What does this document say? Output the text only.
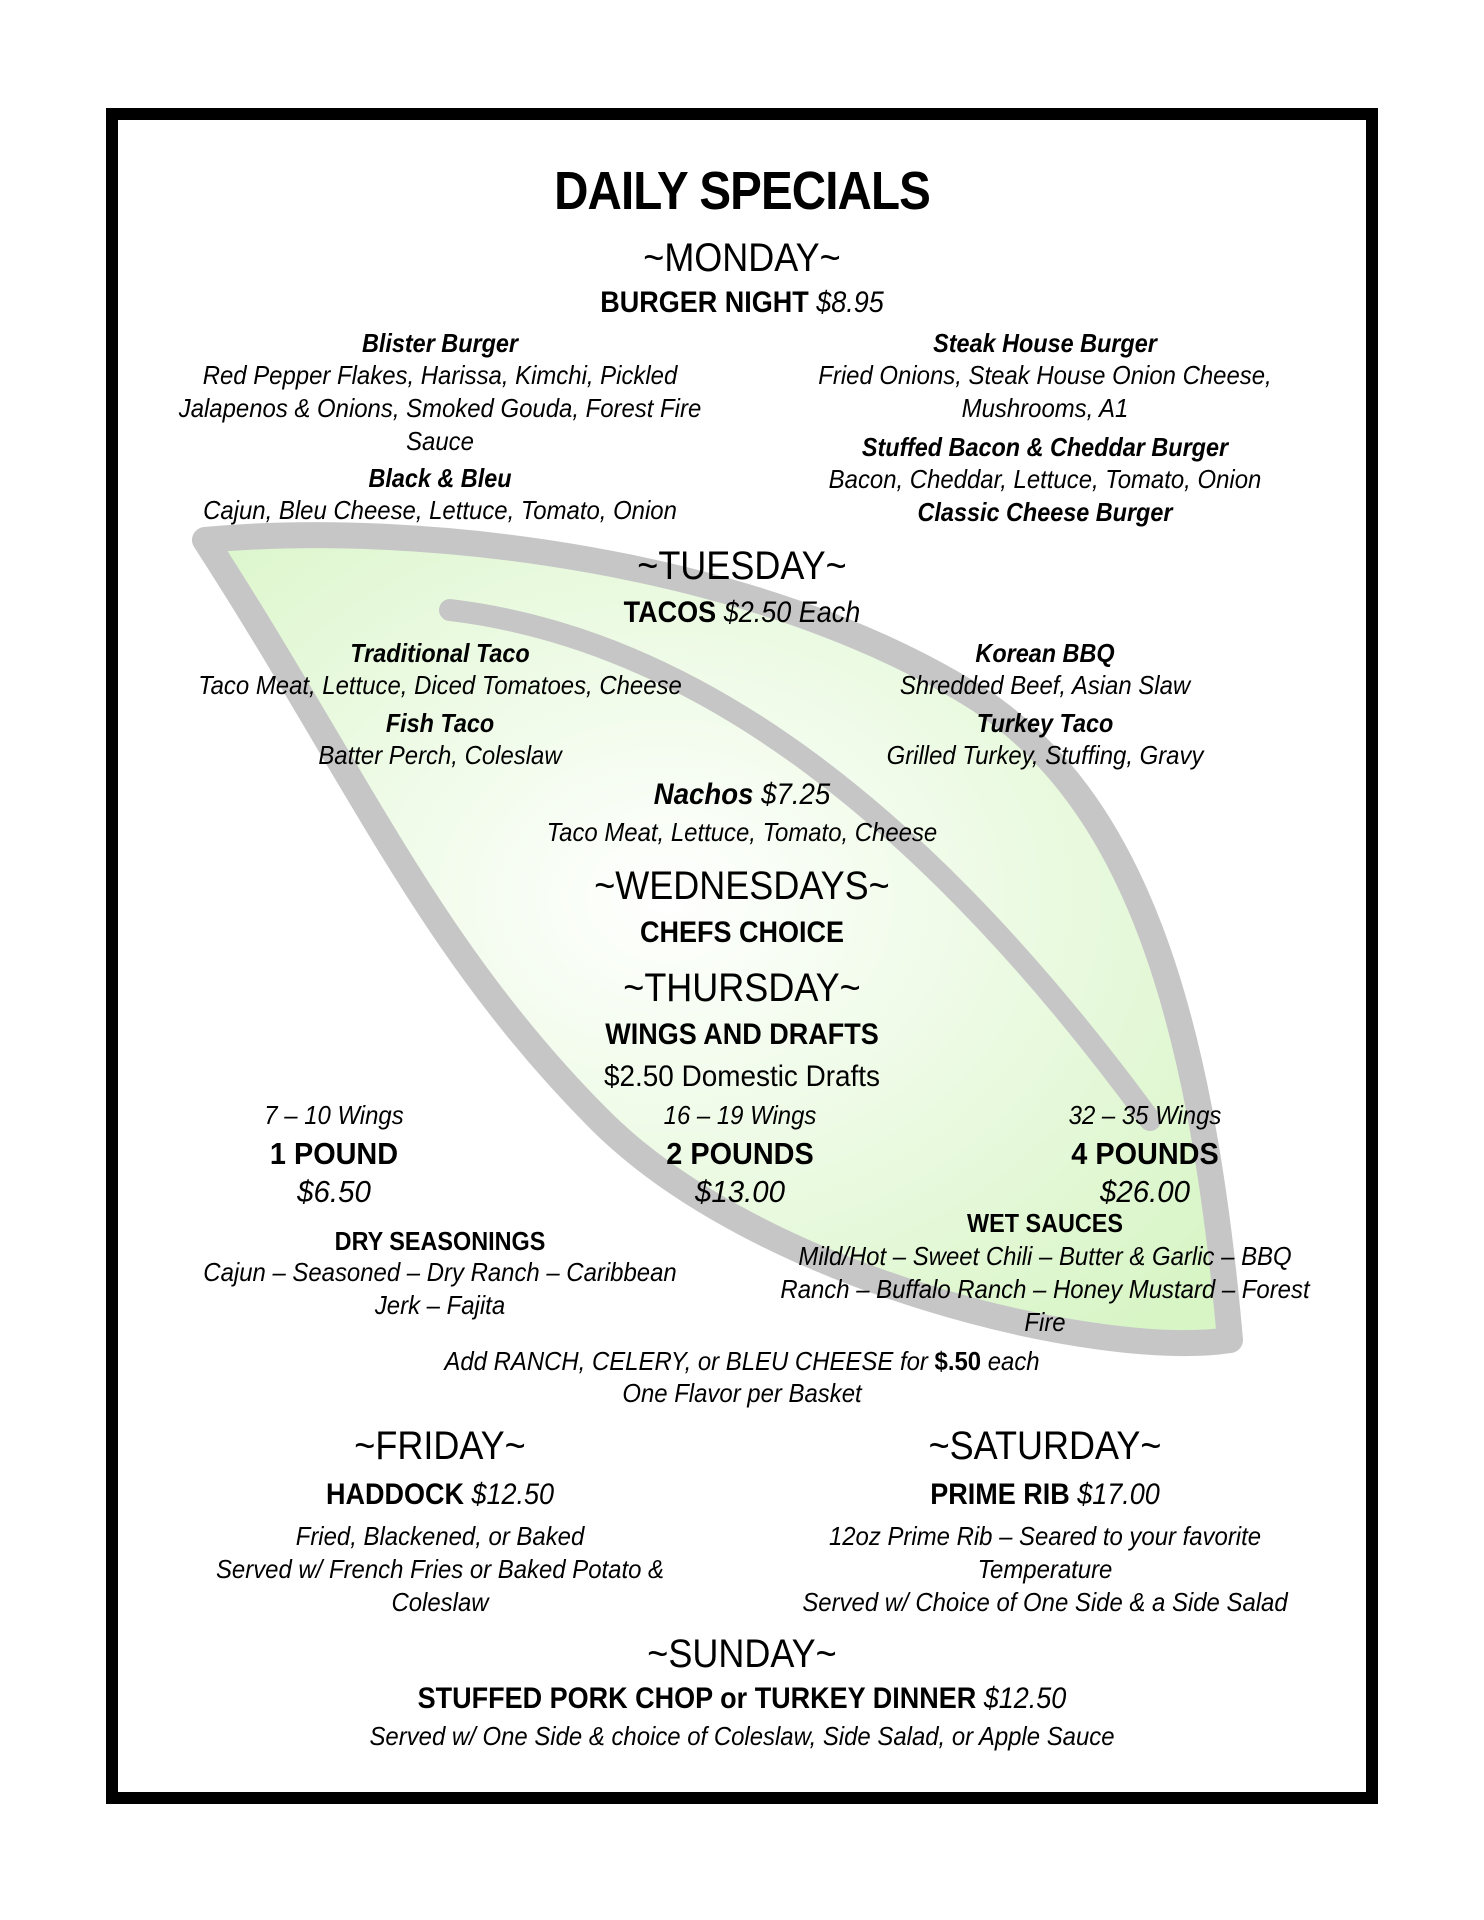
DAILY SPECIALS
~MONDAY~
BURGER NIGHT $8.95
Blister Burger
Red Pepper Flakes, Harissa, Kimchi, Pickled Jalapenos & Onions, Smoked Gouda, Forest Fire Sauce
Black & Bleu
Cajun, Bleu Cheese, Lettuce, Tomato, Onion
Steak House Burger
Fried Onions, Steak House Onion Cheese, Mushrooms, A1
Stuffed Bacon & Cheddar Burger
Bacon, Cheddar, Lettuce, Tomato, Onion
Classic Cheese Burger
~TUESDAY~
TACOS $2.50 Each
Traditional Taco
Taco Meat, Lettuce, Diced Tomatoes, Cheese
Fish Taco
Batter Perch, Coleslaw
Korean BBQ
Shredded Beef, Asian Slaw
Turkey Taco
Grilled Turkey, Stuffing, Gravy
Nachos $7.25
Taco Meat, Lettuce, Tomato, Cheese
~WEDNESDAYS~
CHEFS CHOICE
~THURSDAY~
WINGS AND DRAFTS
$2.50 Domestic Drafts
7 – 10 Wings
1 POUND
$6.50
16 – 19 Wings
2 POUNDS
$13.00
32 – 35 Wings
4 POUNDS
$26.00
DRY SEASONINGS
Cajun – Seasoned – Dry Ranch – Caribbean Jerk – Fajita
WET SAUCES
Mild/Hot – Sweet Chili – Butter & Garlic – BBQ Ranch – Buffalo Ranch – Honey Mustard – Forest Fire
Add RANCH, CELERY, or BLEU CHEESE for $.50 each
One Flavor per Basket
~FRIDAY~
HADDOCK $12.50
Fried, Blackened, or Baked
Served w/ French Fries or Baked Potato & Coleslaw
~SATURDAY~
PRIME RIB $17.00
12oz Prime Rib – Seared to your favorite Temperature
Served w/ Choice of One Side & a Side Salad
~SUNDAY~
STUFFED PORK CHOP or TURKEY DINNER $12.50
Served w/ One Side & choice of Coleslaw, Side Salad, or Apple Sauce
